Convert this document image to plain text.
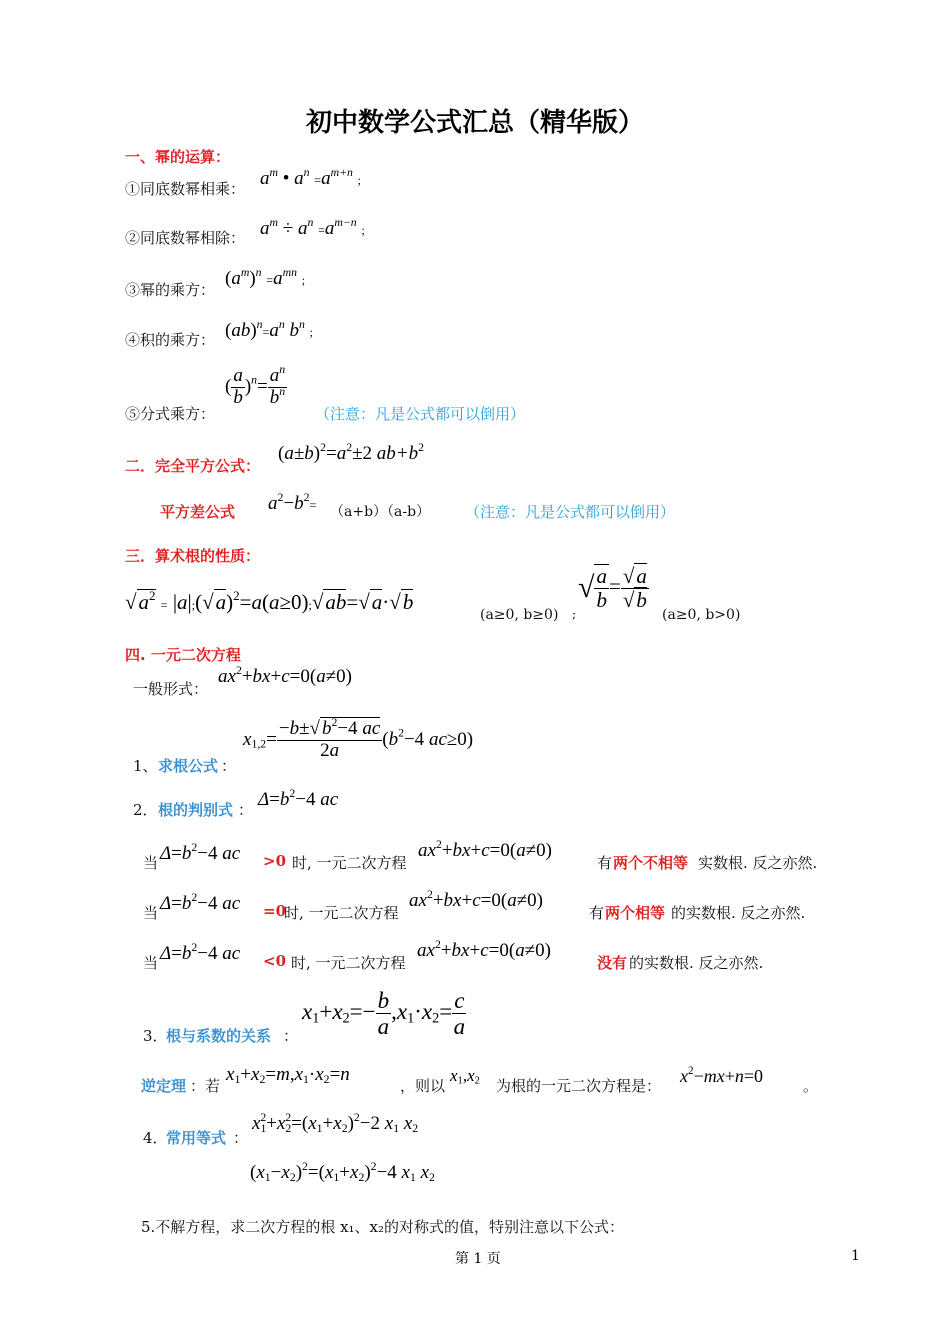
初中数学公式汇总（精华版）
一、幂的运算：
①同底数幂相乘： $a^m$ • $a^n =a^{m+n}$ ;
②同底数幂相除： $a^m \div a^n =a^{m-n}$ ;
③幂的乘方：
$(a^m)^n =a^{mn}$ ;
④积的乘方： $(ab)^n=a^n$ $b^n$ ;
⑤分式乘方：
( $\frac{a}{b} )^n= \frac{a^n}{b^n}$
（注意：凡是公式都可以倒用）
二．完全平方公式：
$(a\pm b)^2=a^2\pm 2$ $ab+b^2$
平方差公式 $a^2-b^2= (a+b)(a-b)$ （注意：凡是公式都可以倒用）
三．算术根的性质：
$√a^2$ = $|a|;(√a)^2=a(a\ge 0);√ab=√a\cdot√b$
(a≥0, b≥0) ;
√ $\frac{a}{b} = \frac{√a}{√b}$
(a≥0, b>0)
四. 一元二次方程
一般形式：
$ax^2+bx+c=0(a\ne 0)$
1、 求根公式 ：
$x_{1,2}= \frac{-b\pm√ b^2-4 ac}{2a} (b^2-4$ ac≥0)
2． 根的判别式 ： $\Delta=b^2-4$ ac
当 $\Delta=b^2-4$ ac >0 时, 一元二次方程
$ax^2+bx+c=0(a\ne 0)$
有 两个不相等 实数根. 反之亦然.
当 $\Delta=b^2-4$ ac =0
时, 一元二次方程
$ax^2+bx+c=0(a\ne 0)$
有 两个相等 的实数根. 反之亦然.
当 $\Delta=b^2-4$ ac <0 时, 一元二次方程
$ax^2+bx+c=0(a\ne 0)$
没有 的实数根. 反之亦然.
3．
根与系数的关系 ：
$x_1+x_2=- \frac{b}{a} ,x_1\cdot x_2= \frac{c}{a}$
逆定理 ：若
$x_1+x_2=m,x_1\cdot x_2=n$
，则以
$x_1,x_2$ 为根的一元二次方程是： $x^2-mx+n=0$	。
4．
常用等式 ：
$x_1^2+x_2^2=(x_1+x_2)^2-2$ $x_1$ $x_2$
$(x_1-x_2)^2=(x_1+x_2)^2-4$ $x_1$ $x_2$
5.不解方程，求二次方程的根 x₁、x₂的对称式的值，特别注意以下公式：
第 1 页	1
